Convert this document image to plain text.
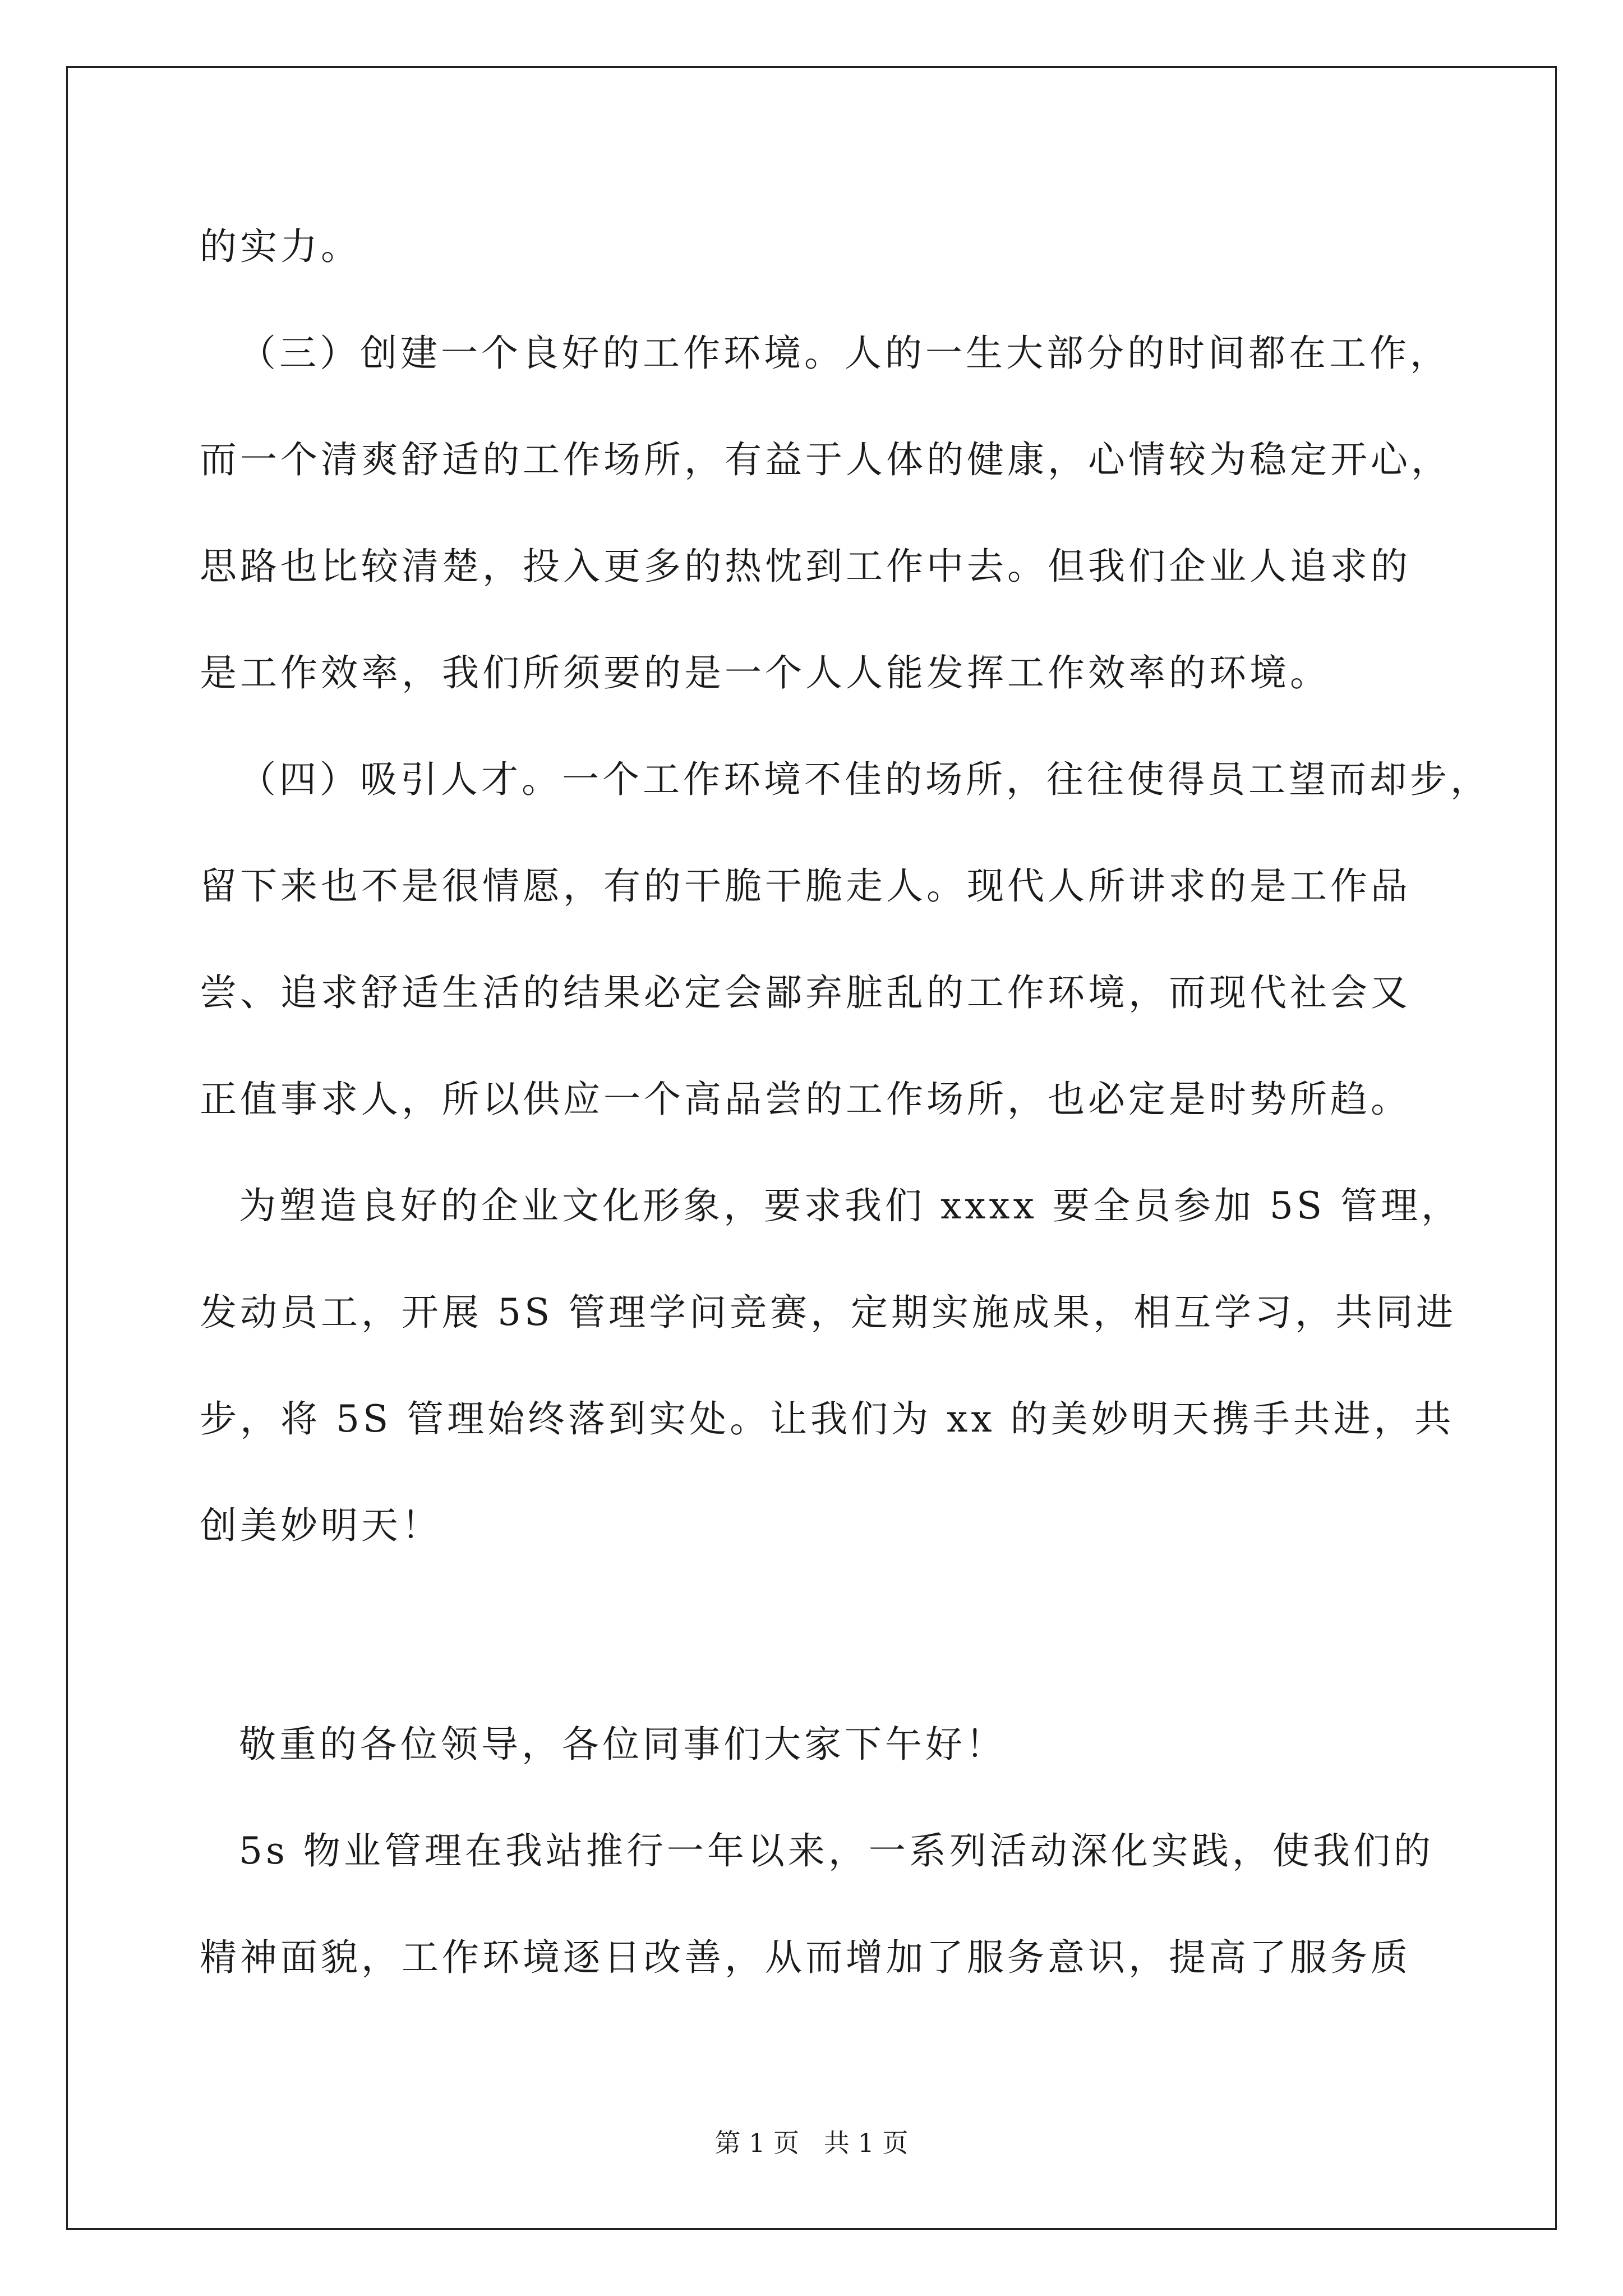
的实力。
（三）创建一个良好的工作环境。人的一生大部分的时间都在工作，
而一个清爽舒适的工作场所，有益于人体的健康，心情较为稳定开心，
思路也比较清楚，投入更多的热忱到工作中去。但我们企业人追求的
是工作效率，我们所须要的是一个人人能发挥工作效率的环境。
（四）吸引人才。一个工作环境不佳的场所，往往使得员工望而却步，
留下来也不是很情愿，有的干脆干脆走人。现代人所讲求的是工作品
尝、追求舒适生活的结果必定会鄙弃脏乱的工作环境，而现代社会又
正值事求人，所以供应一个高品尝的工作场所，也必定是时势所趋。
为塑造良好的企业文化形象，要求我们 xxxx 要全员参加 5S 管理，
发动员工，开展 5S 管理学问竞赛，定期实施成果，相互学习，共同进
步，将 5S 管理始终落到实处。让我们为 xx 的美妙明天携手共进，共
创美妙明天！
敬重的各位领导，各位同事们大家下午好！
5s 物业管理在我站推行一年以来，一系列活动深化实践，使我们的
精神面貌，工作环境逐日改善，从而增加了服务意识，提高了服务质
第 1 页   共 1 页
